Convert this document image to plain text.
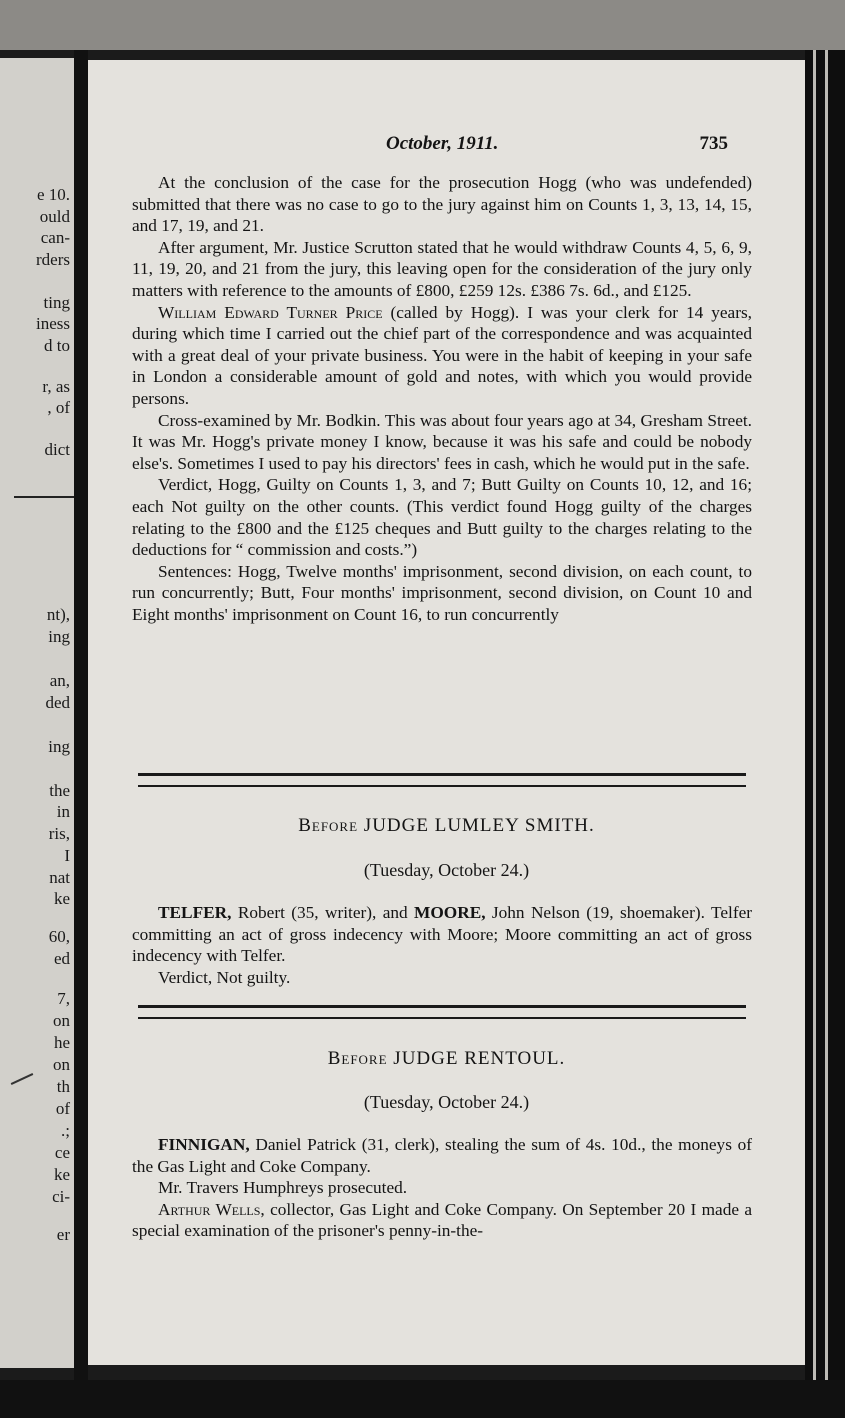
e 10.
ould
can-
rders
ting
iness
d to
r, as
, of
dict
nt),
ing
an,
ded
ing
the
in
ris,
I
nat
ke
60,
ed
7,
on
he
on
th
of
.;
ce
ke
ci-
er
October, 1911.	735

At the conclusion of the case for the prosecution Hogg (who was undefended) submitted that there was no case to go to the jury against him on Counts 1, 3, 13, 14, 15, and 17, 19, and 21.

After argument, Mr. Justice Scrutton stated that he would withdraw Counts 4, 5, 6, 9, 11, 19, 20, and 21 from the jury, this leaving open for the consideration of the jury only matters with reference to the amounts of £800, £259 12s. £386 7s. 6d., and £125.

William Edward Turner Price (called by Hogg). I was your clerk for 14 years, during which time I carried out the chief part of the correspondence and was acquainted with a great deal of your private business. You were in the habit of keeping in your safe in London a considerable amount of gold and notes, with which you would provide persons.

Cross-examined by Mr. Bodkin. This was about four years ago at 34, Gresham Street. It was Mr. Hogg's private money I know, because it was his safe and could be nobody else's. Sometimes I used to pay his directors' fees in cash, which he would put in the safe.

Verdict, Hogg, Guilty on Counts 1, 3, and 7; Butt Guilty on Counts 10, 12, and 16; each Not guilty on the other counts. (This verdict found Hogg guilty of the charges relating to the £800 and the £125 cheques and Butt guilty to the charges relating to the deductions for “ commission and costs.”)

Sentences: Hogg, Twelve months' imprisonment, second division, on each count, to run concurrently; Butt, Four months' imprisonment, second division, on Count 10 and Eight months' imprisonment on Count 16, to run concurrently

Before JUDGE LUMLEY SMITH.
(Tuesday, October 24.)

TELFER, Robert (35, writer), and MOORE, John Nelson (19, shoemaker). Telfer committing an act of gross indecency with Moore; Moore committing an act of gross indecency with Telfer.

Verdict, Not guilty.

Before JUDGE RENTOUL.
(Tuesday, October 24.)

FINNIGAN, Daniel Patrick (31, clerk), stealing the sum of 4s. 10d., the moneys of the Gas Light and Coke Company.

Mr. Travers Humphreys prosecuted.

Arthur Wells, collector, Gas Light and Coke Company. On September 20 I made a special examination of the prisoner's penny-in-the-
